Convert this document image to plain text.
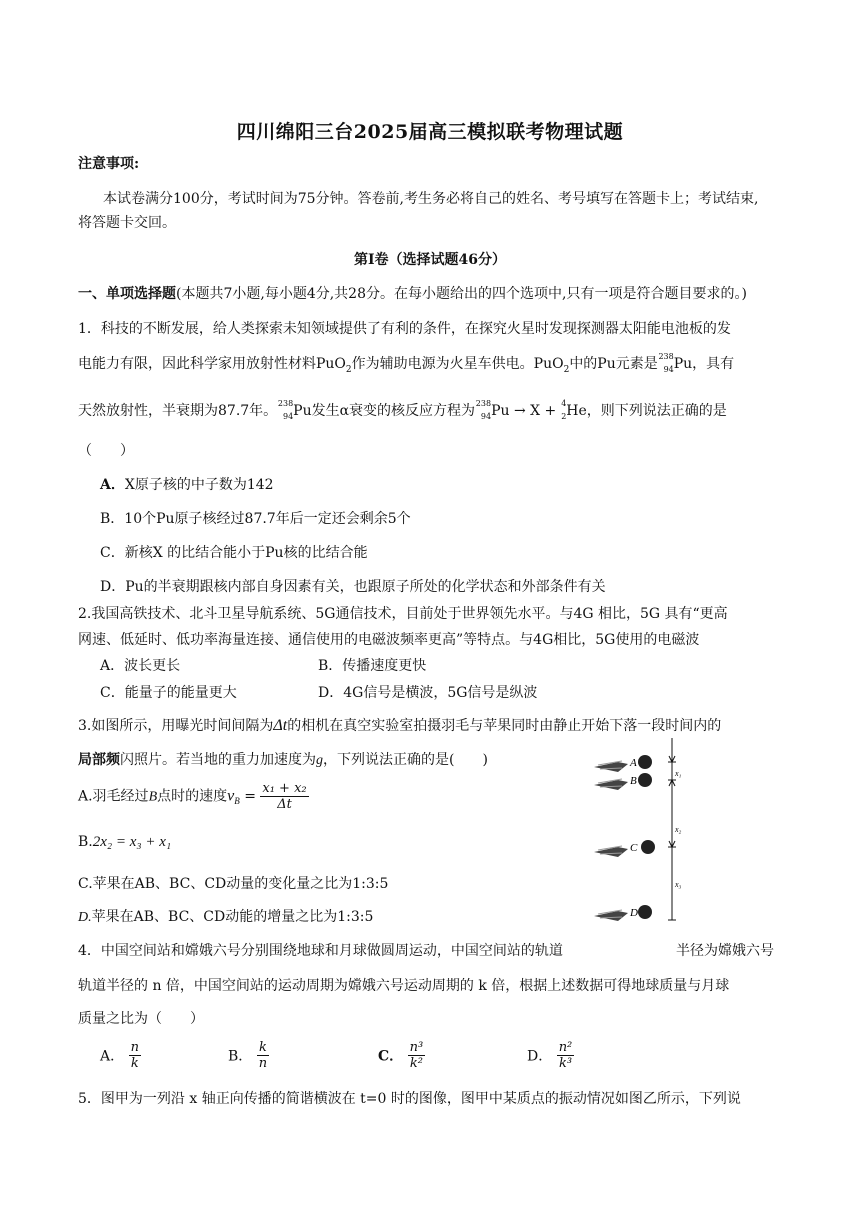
四川绵阳三台2025届高三模拟联考物理试题
注意事项:
本试卷满分100分，考试时间为75分钟。答卷前,考生务必将自己的姓名、考号填写在答题卡上；考试结束,
将答题卡交回。
第Ⅰ卷（选择试题46分）
一、单项选择题(本题共7小题,每小题4分,共28分。在每小题给出的四个选项中,只有一项是符合题目要求的。)
1．科技的不断发展，给人类探索未知领域提供了有利的条件，在探究火星时发现探测器太阳能电池板的发
电能力有限，因此科学家用放射性材料PuO$_2$作为辅助电源为火星车供电。PuO$_2$中的Pu元素是 238
94 Pu，具有
天然放射性，半衰期为87.7年。 238
94 Pu发生α衰变的核反应方程为 238
94 Pu → X + 4
2 He，则下列说法正确的是
（　　）
A．X原子核的中子数为142
B．10个Pu原子核经过87.7年后一定还会剩余5个
C．新核X 的比结合能小于Pu核的比结合能
D．Pu的半衰期跟核内部自身因素有关，也跟原子所处的化学状态和外部条件有关
2.我国高铁技术、北斗卫星导航系统、5G通信技术，目前处于世界领先水平。与4G 相比，5G 具有“更高
网速、低延时、低功率海量连接、通信使用的电磁波频率更高”等特点。与4G相比，5G使用的电磁波
A．波长更长	B．传播速度更快
C．能量子的能量更大	D．4G信号是横波，5G信号是纵波
3.如图所示，用曝光时间间隔为Δt的相机在真空实验室拍摄羽毛与苹果同时由静止开始下落一段时间内的
局部频闪照片。若当地的重力加速度为g，下列说法正确的是(　　)
A.羽毛经过B点时的速度$v_B = \frac{\text{x₁ + x₂}}{\Delta t}$
B.2x₂ = x₃ + x₁
C.苹果在AB、BC、CD动量的变化量之比为1:3:5
D.苹果在AB、BC、CD动能的增量之比为1:3:5
A
B
C
D
x₁
x₂
x₃
4．中国空间站和嫦娥六号分别围绕地球和月球做圆周运动，中国空间站的轨道	半径为嫦娥六号
轨道半径的 n 倍，中国空间站的运动周期为嫦娥六号运动周期的 k 倍，根据上述数据可得地球质量与月球
质量之比为（　　）
A． $\frac{n}{k}$	B． $\frac{k}{n}$	C． $\frac{\text{n³}}{\text{k²}}$	D． $\frac{\text{n²}}{\text{k³}}$
5．图甲为一列沿 x 轴正向传播的简谐横波在 t=0 时的图像，图甲中某质点的振动情况如图乙所示，下列说
